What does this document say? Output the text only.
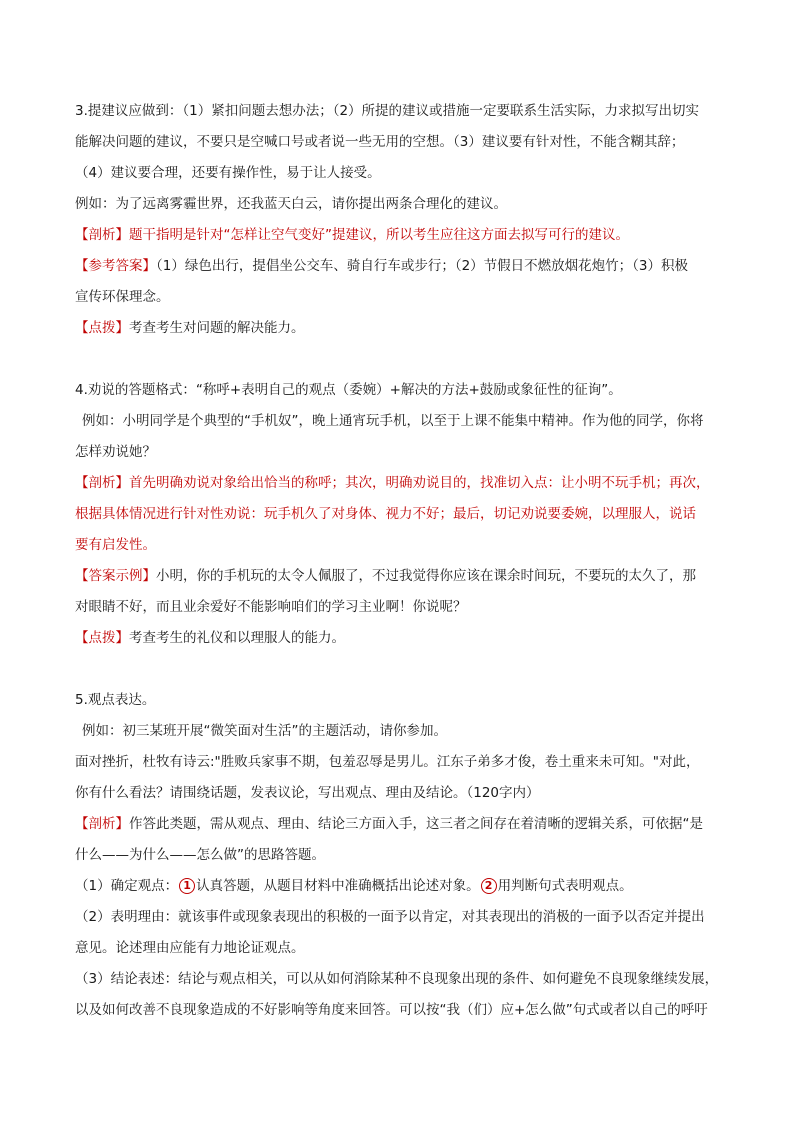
3.提建议应做到：（1）紧扣问题去想办法；（2）所提的建议或措施一定要联系生活实际，力求拟写出切实
能解决问题的建议，不要只是空喊口号或者说一些无用的空想。（3）建议要有针对性，不能含糊其辞；
（4）建议要合理，还要有操作性，易于让人接受。
例如：为了远离雾霾世界，还我蓝天白云，请你提出两条合理化的建议。
【剖析】题干指明是针对“怎样让空气变好”提建议，所以考生应往这方面去拟写可行的建议。
【参考答案】（1）绿色出行，提倡坐公交车、骑自行车或步行；（2）节假日不燃放烟花炮竹；（3）积极
宣传环保理念。
【点拨】考查考生对问题的解决能力。
4.劝说的答题格式：“称呼+表明自己的观点（委婉）+解决的方法+鼓励或象征性的征询”。
例如：小明同学是个典型的“手机奴”，晚上通宵玩手机，以至于上课不能集中精神。作为他的同学，你将
怎样劝说她？
【剖析】首先明确劝说对象给出恰当的称呼；其次，明确劝说目的，找准切入点：让小明不玩手机；再次，
根据具体情况进行针对性劝说：玩手机久了对身体、视力不好；最后，切记劝说要委婉，以理服人，说话
要有启发性。
【答案示例】小明，你的手机玩的太令人佩服了，不过我觉得你应该在课余时间玩，不要玩的太久了，那
对眼睛不好，而且业余爱好不能影响咱们的学习主业啊！你说呢？
【点拨】考查考生的礼仪和以理服人的能力。
5.观点表达。
例如：初三某班开展“微笑面对生活”的主题活动，请你参加。
面对挫折，杜牧有诗云:"胜败兵家事不期，包羞忍辱是男儿。江东子弟多才俊，卷土重来未可知。"对此，
你有什么看法？请围绕话题，发表议论，写出观点、理由及结论。（120字内）
【剖析】作答此类题，需从观点、理由、结论三方面入手，这三者之间存在着清晰的逻辑关系，可依据“是
什么——为什么——怎么做”的思路答题。
（1）确定观点： 1 认真答题，从题目材料中准确概括出论述对象。 2 用判断句式表明观点。
（2）表明理由：就该事件或现象表现出的积极的一面予以肯定，对其表现出的消极的一面予以否定并提出
意见。论述理由应能有力地论证观点。
（3）结论表述：结论与观点相关，可以从如何消除某种不良现象出现的条件、如何避免不良现象继续发展，
以及如何改善不良现象造成的不好影响等角度来回答。可以按“我（们）应+怎么做”句式或者以自己的呼吁
